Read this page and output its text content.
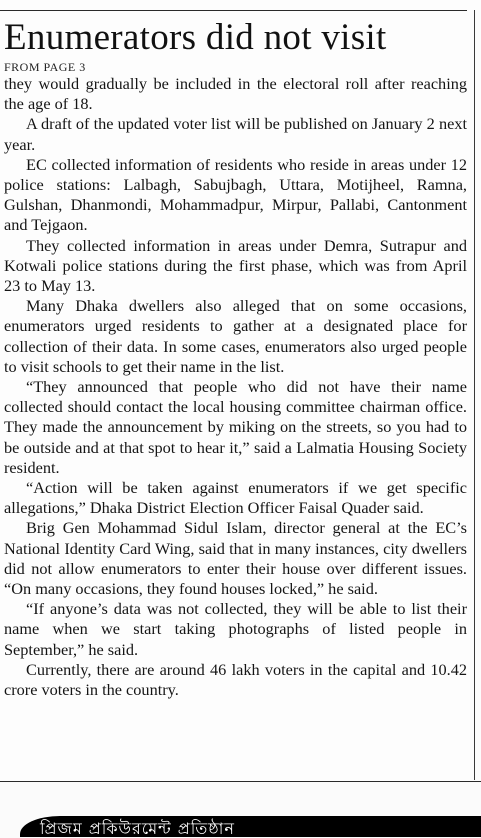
Enumerators did not visit

FROM PAGE 3

they would gradually be included in the electoral roll after reaching the age of 18.

A draft of the updated voter list will be published on January 2 next year.

EC collected information of residents who reside in areas under 12 police stations: Lalbagh, Sabujbagh, Uttara, Motijheel, Ramna, Gulshan, Dhanmondi, Mohammadpur, Mirpur, Pallabi, Cantonment and Tejgaon.

They collected information in areas under Demra, Sutrapur and Kotwali police stations during the first phase, which was from April 23 to May 13.

Many Dhaka dwellers also alleged that on some occasions, enumerators urged residents to gather at a designated place for collection of their data. In some cases, enumerators also urged people to visit schools to get their name in the list.

“They announced that people who did not have their name collected should contact the local housing committee chairman office. They made the announcement by miking on the streets, so you had to be outside and at that spot to hear it,” said a Lalmatia Housing Society resident.

“Action will be taken against enumerators if we get specific allegations,” Dhaka District Election Officer Faisal Quader said.

Brig Gen Mohammad Sidul Islam, director general at the EC’s National Identity Card Wing, said that in many instances, city dwellers did not allow enumerators to enter their house over different issues. “On many occasions, they found houses locked,” he said.

“If anyone’s data was not collected, they will be able to list their name when we start taking photographs of listed people in September,” he said.

Currently, there are around 46 lakh voters in the capital and 10.42 crore voters in the country.

প্রিজম প্রকিউরমেন্ট প্রতিষ্ঠান
